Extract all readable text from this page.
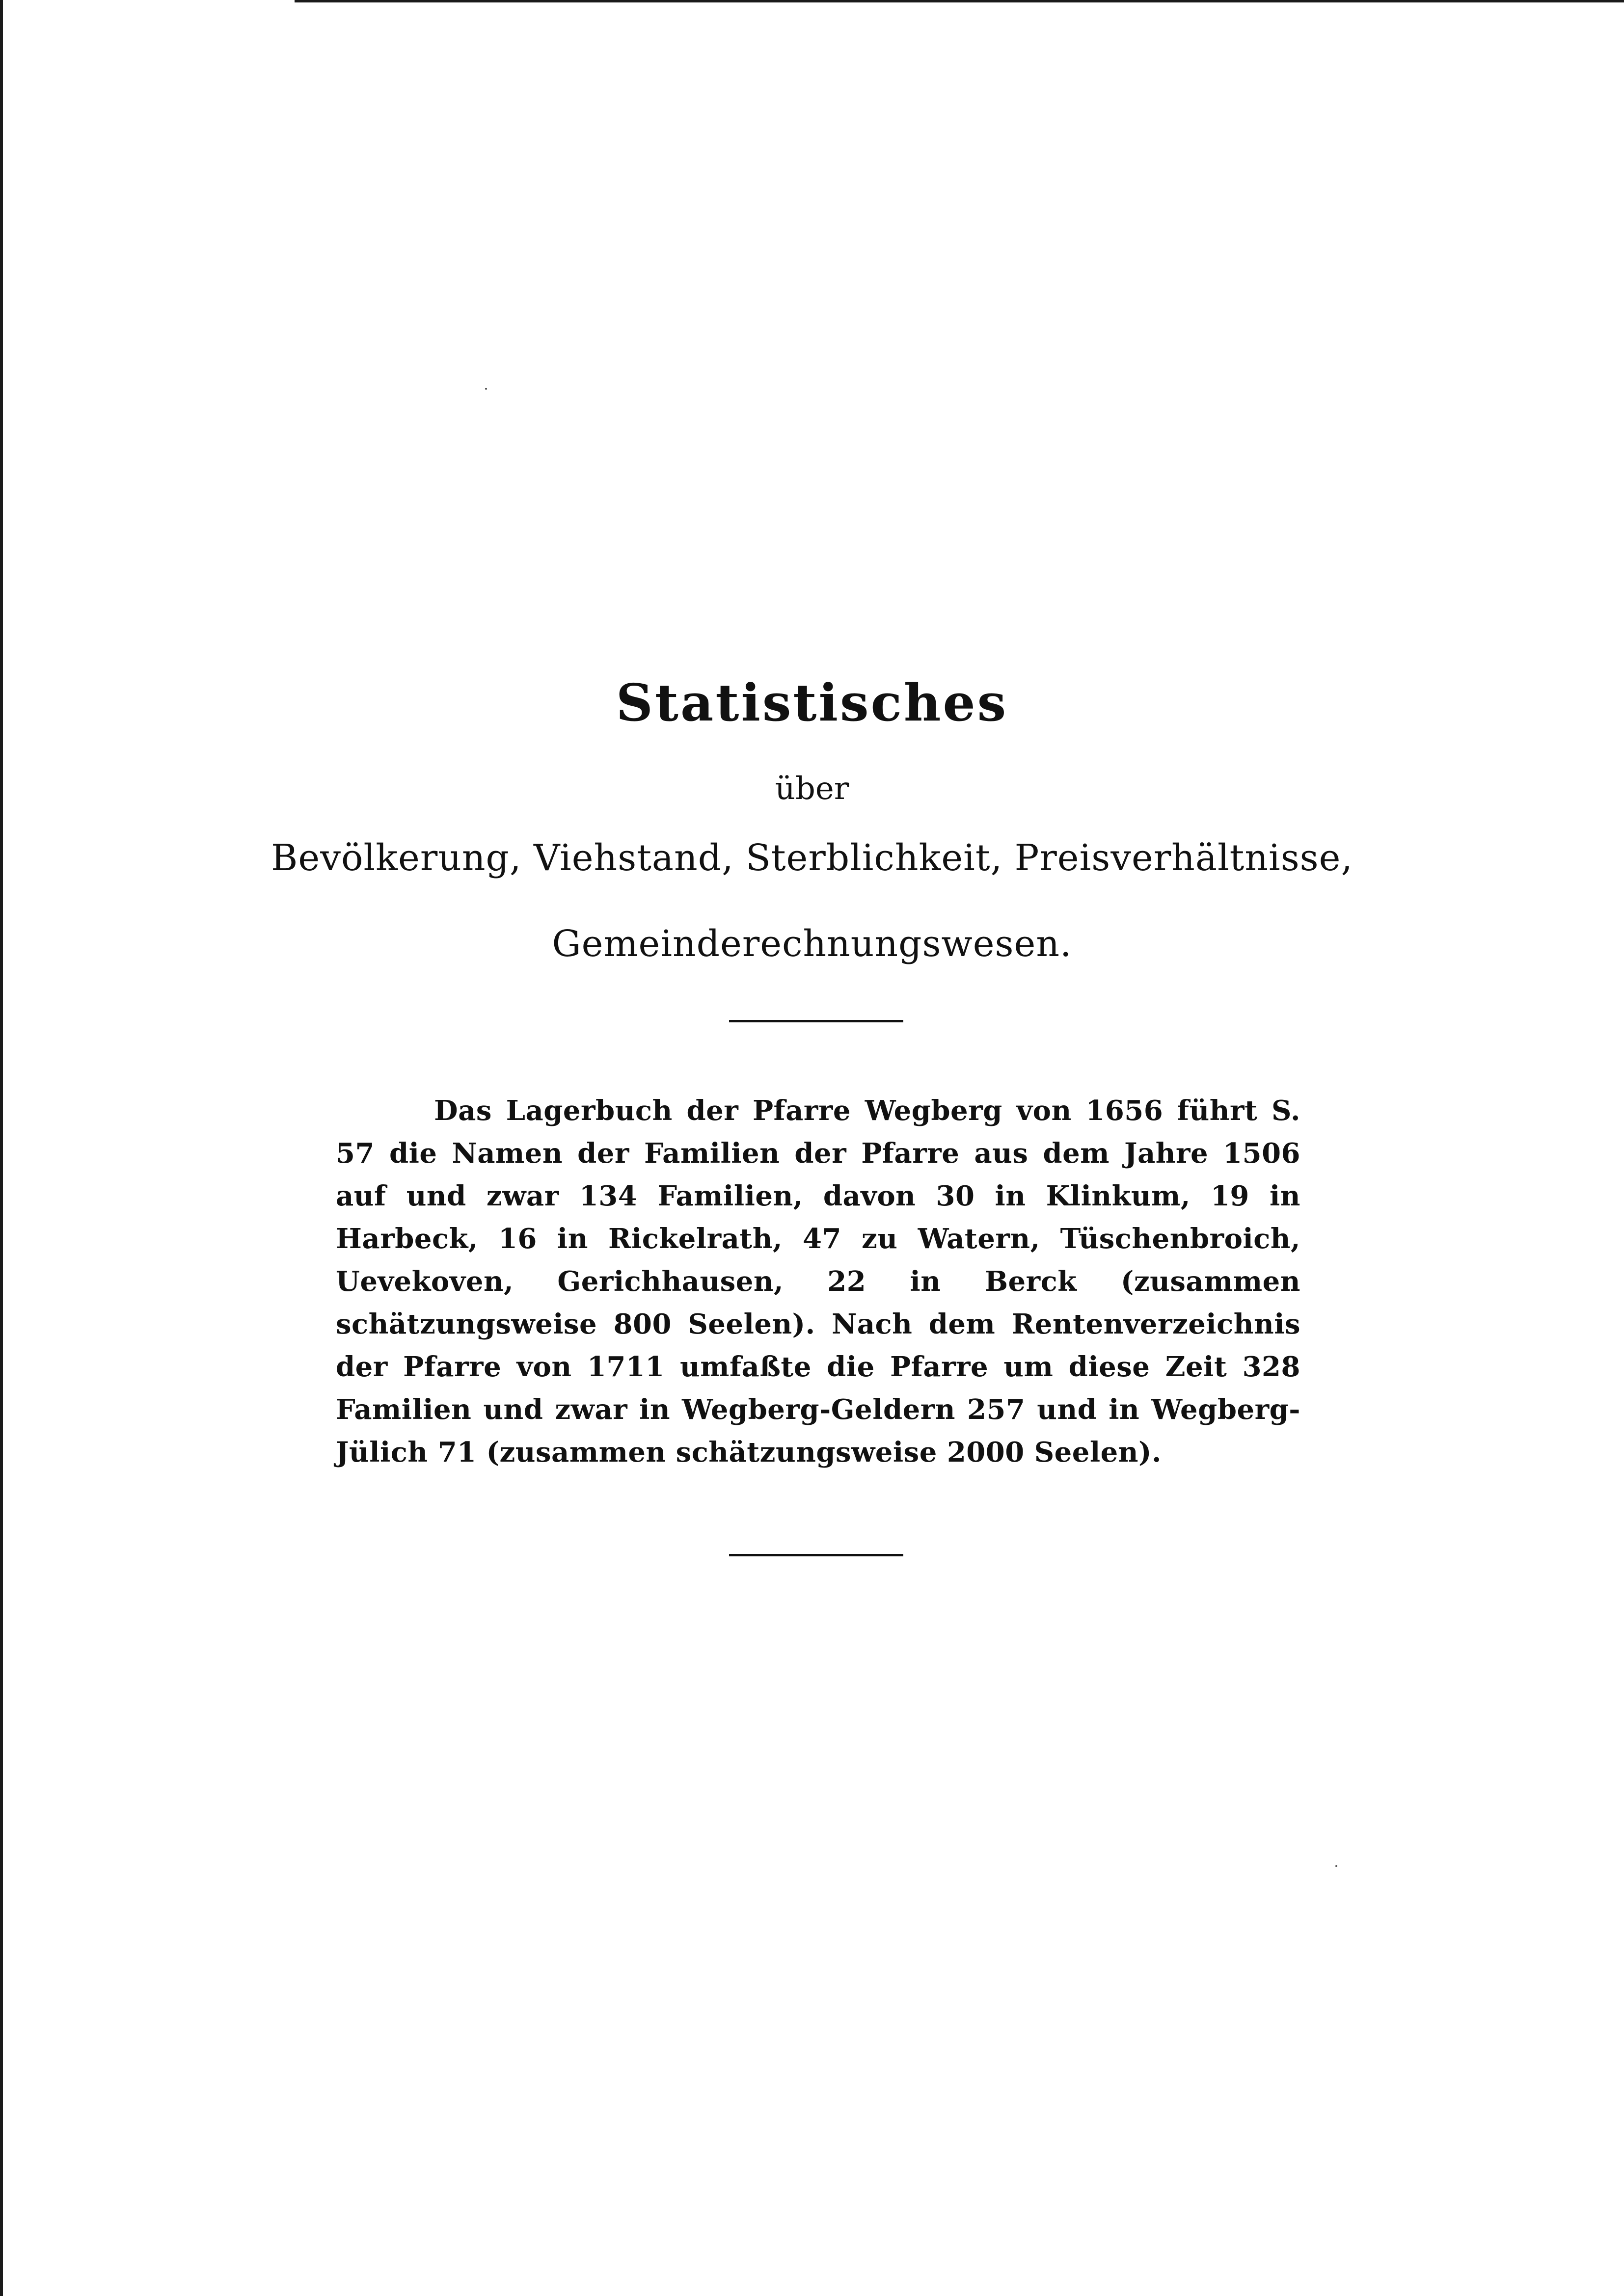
Statistisches

über

Bevölkerung, Viehstand, Sterblichkeit, Preisverhältnisse,

Gemeinderechnungswesen.

Das Lagerbuch der Pfarre Wegberg von 1656 führt S. 57 die Namen der Familien der Pfarre aus dem Jahre 1506 auf und zwar 134 Familien, davon 30 in Klinkum, 19 in Harbeck, 16 in Rickelrath, 47 zu Watern, Tüschenbroich, Uevekoven, Gerichhausen, 22 in Berck (zusammen schätzungsweise 800 Seelen). Nach dem Rentenverzeichnis der Pfarre von 1711 umfaßte die Pfarre um diese Zeit 328 Familien und zwar in Wegberg-Geldern 257 und in Wegberg-Jülich 71 (zusammen schätzungsweise 2000 Seelen).
